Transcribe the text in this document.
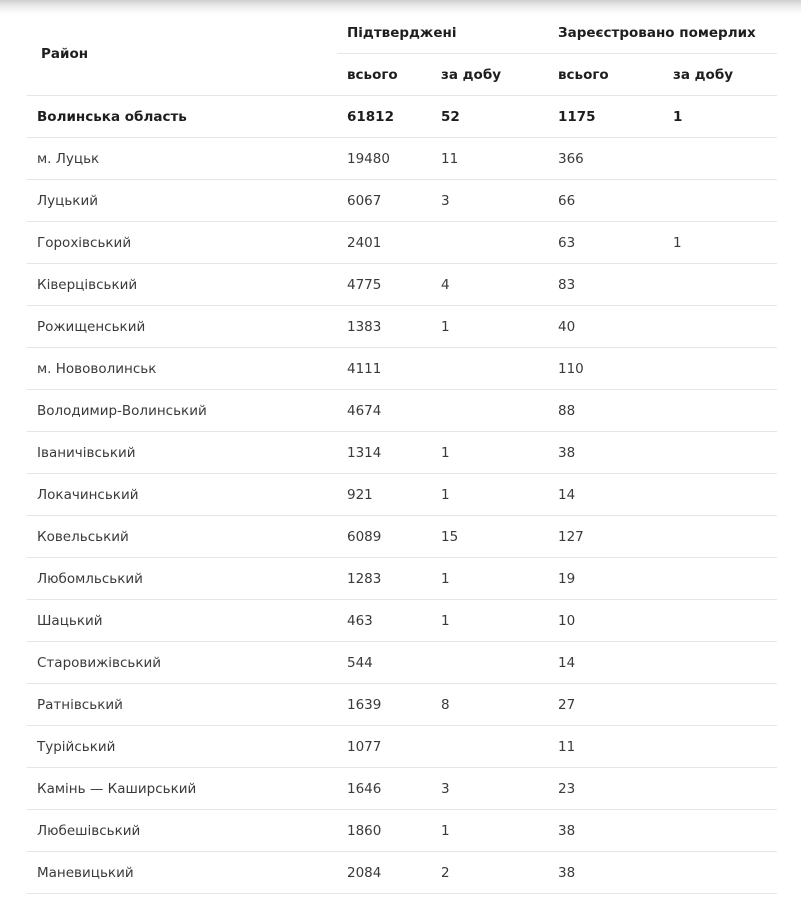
Район	Підтверджені		Зареєстровано померлих	
	всього	за добу	всього	за добу
Волинська область	61812	52	1175	1
м. Луцьк	19480	11	366	
Луцький	6067	3	66	
Горохівський	2401		63	1
Ківерцівський	4775	4	83	
Рожищенський	1383	1	40	
м. Нововолинськ	4111		110	
Володимир-Волинський	4674		88	
Іваничівський	1314	1	38	
Локачинський	921	1	14	
Ковельський	6089	15	127	
Любомльський	1283	1	19	
Шацький	463	1	10	
Старовижівський	544		14	
Ратнівський	1639	8	27	
Турійський	1077		11	
Камінь — Каширський	1646	3	23	
Любешівський	1860	1	38	
Маневицький	2084	2	38	
